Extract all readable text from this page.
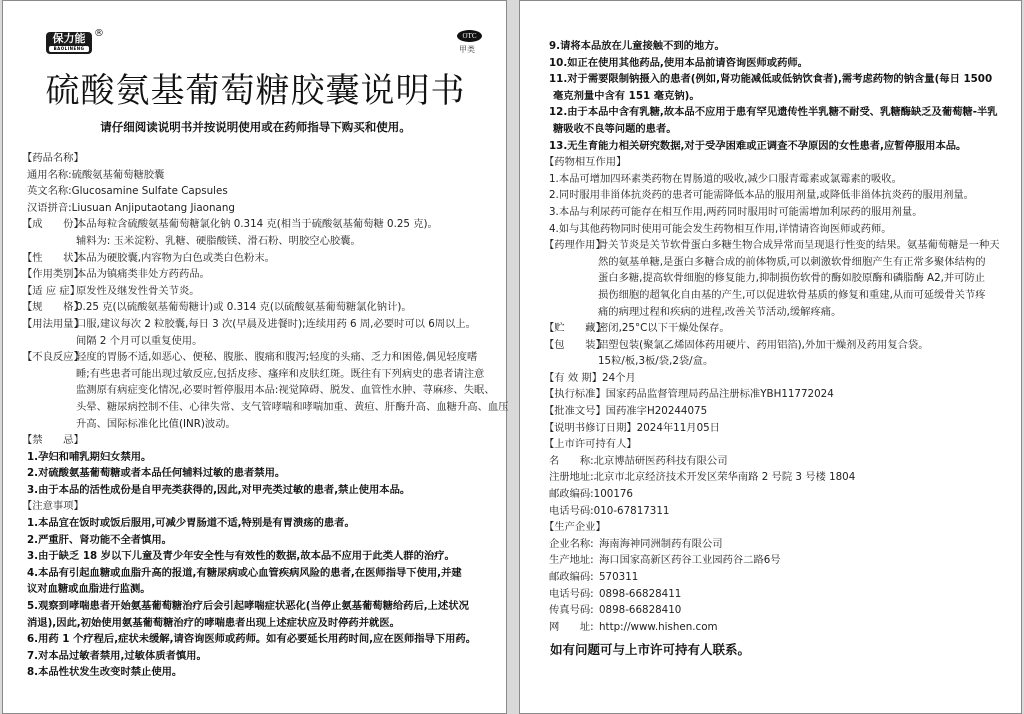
保力能
BAOLINENG
®	OTC
甲类
硫酸氨基葡萄糖胶囊说明书
请仔细阅读说明书并按说明使用或在药师指导下购买和使用。
【药品名称】
通用名称: 硫酸氨基葡萄糖胶囊
英文名称: Glucosamine Sulfate Capsules
汉语拼音: Liusuan Anjiputaotang Jiaonang
【成　　份】
本品每粒含硫酸氨基葡萄糖氯化钠 0.314 克(相当于硫酸氨基葡萄糖 0.25 克)。
辅料为: 玉米淀粉、乳糖、硬脂酸镁、滑石粉、明胶空心胶囊。
【性　　状】
本品为硬胶囊,内容物为白色或类白色粉末。
【作用类别】
本品为镇痛类非处方药药品。
【适 应 症】
原发性及继发性骨关节炎。
【规　　格】
0.25 克(以硫酸氨基葡萄糖计)或 0.314 克(以硫酸氨基葡萄糖氯化钠计)。
【用法用量】
口服,建议每次 2 粒胶囊,每日 3 次(早晨及进餐时);连续用药 6 周,必要时可以 6周以上。
间隔 2 个月可以重复使用。
【不良反应】
轻度的胃肠不适,如恶心、便秘、腹胀、腹痛和腹泻;轻度的头痛、乏力和困倦,偶见轻度嗜
睡;有些患者可能出现过敏反应,包括皮疹、瘙痒和皮肤红斑。既往有下列病史的患者请注意
监测原有病症变化情况,必要时暂停服用本品:视觉障碍、脱发、血管性水肿、荨麻疹、失眠、
头晕、糖尿病控制不佳、心律失常、支气管哮喘和哮喘加重、黄疸、肝酶升高、血糖升高、血压
升高、国际标准化比值(INR)波动。
【禁　　忌】
1.孕妇和哺乳期妇女禁用。
2.对硫酸氨基葡萄糖或者本品任何辅料过敏的患者禁用。
3.由于本品的活性成份是自甲壳类获得的,因此,对甲壳类过敏的患者,禁止使用本品。
【注意事项】
1.本品宜在饭时或饭后服用,可减少胃肠道不适,特别是有胃溃疡的患者。
2.严重肝、肾功能不全者慎用。
3.由于缺乏 18 岁以下儿童及青少年安全性与有效性的数据,故本品不应用于此类人群的治疗。
4.本品有引起血糖或血脂升高的报道,有糖尿病或心血管疾病风险的患者,在医师指导下使用,并建
议对血糖或血脂进行监测。
5.观察到哮喘患者开始氨基葡萄糖治疗后会引起哮喘症状恶化(当停止氨基葡萄糖给药后,上述状况
消退),因此,初始使用氨基葡萄糖治疗的哮喘患者出现上述症状应及时停药并就医。
6.用药 1 个疗程后,症状未缓解,请咨询医师或药师。如有必要延长用药时间,应在医师指导下用药。
7.对本品过敏者禁用,过敏体质者慎用。
8.本品性状发生改变时禁止使用。
9.请将本品放在儿童接触不到的地方。
10.如正在使用其他药品,使用本品前请咨询医师或药师。
11.对于需要限制钠摄入的患者(例如,肾功能减低或低钠饮食者),需考虑药物的钠含量(每日 1500
毫克剂量中含有 151 毫克钠)。
12.由于本品中含有乳糖,故本品不应用于患有罕见遗传性半乳糖不耐受、乳糖酶缺乏及葡萄糖-半乳
糖吸收不良等问题的患者。
13.无生育能力相关研究数据,对于受孕困难或正调查不孕原因的女性患者,应暂停服用本品。
【药物相互作用】
1.本品可增加四环素类药物在胃肠道的吸收,减少口服青霉素或氯霉素的吸收。
2.同时服用非甾体抗炎药的患者可能需降低本品的服用剂量,或降低非甾体抗炎药的服用剂量。
3.本品与利尿药可能存在相互作用,两药同时服用时可能需增加利尿药的服用剂量。
4.如与其他药物同时使用可能会发生药物相互作用,详情请咨询医师或药师。
【药理作用】
骨关节炎是关节软骨蛋白多糖生物合成异常而呈现退行性变的结果。氨基葡萄糖是一种天
然的氨基单糖,是蛋白多糖合成的前体物质,可以刺激软骨细胞产生有正常多聚体结构的
蛋白多糖,提高软骨细胞的修复能力,抑制损伤软骨的酶如胶原酶和磷脂酶 A2,并可防止
损伤细胞的超氧化自由基的产生,可以促进软骨基质的修复和重建,从而可延缓骨关节疼
痛的病理过程和疾病的进程,改善关节活动,缓解疼痛。
【贮　　藏】
密闭,25°C以下干燥处保存。
【包　　装】
铝塑包装(聚氯乙烯固体药用硬片、药用铝箔),外加干燥剂及药用复合袋。
15粒/板,3板/袋,2袋/盒。
【有 效 期】 24个月
【执行标准】 国家药品监督管理局药品注册标准YBH11772024
【批准文号】 国药准字H20244075
【说明书修订日期】 2024年11月05日
【上市许可持有人】
名　　称: 北京博喆研医药科技有限公司
注册地址: 北京市北京经济技术开发区荣华南路 2 号院 3 号楼 1804
邮政编码: 100176
电话号码: 010-67817311
【生产企业】
企业名称: 海南海神同洲制药有限公司
生产地址: 海口国家高新区药谷工业园药谷二路6号
邮政编码: 570311
电话号码: 0898-66828411
传真号码: 0898-66828410
网　　址: http://www.hishen.com
如有问题可与上市许可持有人联系。
